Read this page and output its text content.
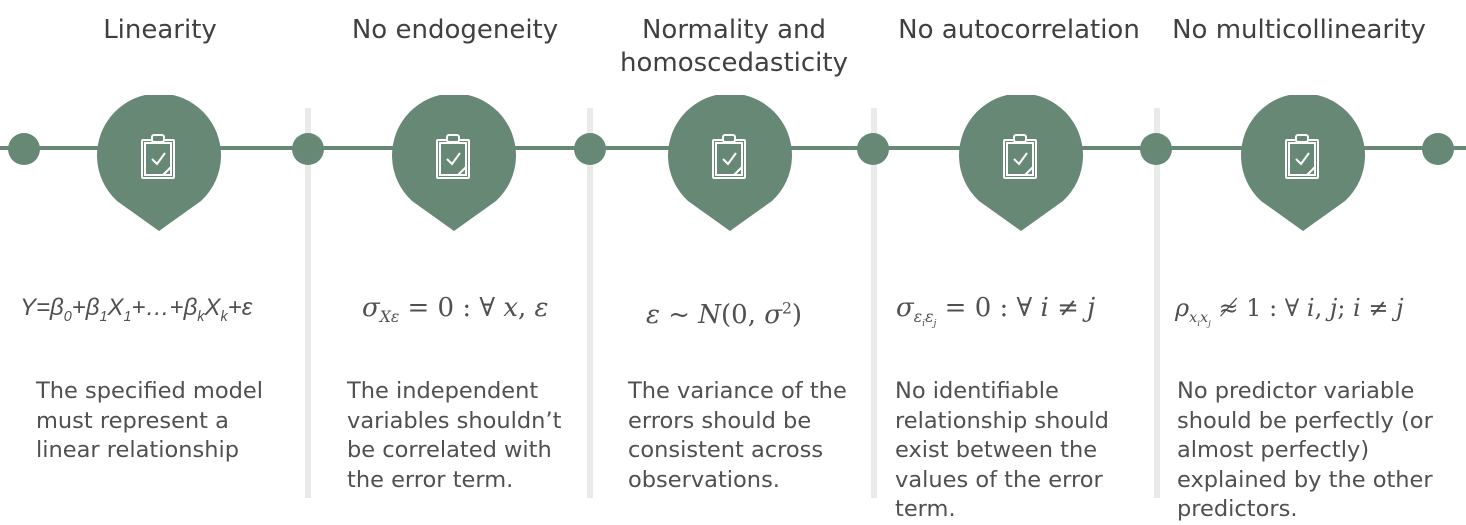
Linearity
$Y=\beta_0+\beta_1X_1+\dots+\beta_kX_k+\varepsilon$
The specified model must represent a linear relationship
No endogeneity
$\sigma_{X\varepsilon} = 0$ : ∀ x, ε
The independent variables shouldn’t be correlated with the error term.
Normality and homoscedasticity
ε ~ N(0, $\sigma^2$)
The variance of the errors should be consistent across observations.
No autocorrelation
$\sigma_{\varepsilon_i\varepsilon_j} = 0$ : ∀ i ≠ j
No identifiable relationship should exist between the values of the error term.
No multicollinearity
$\rho_{x_ix_j}$ ≉ 1 : ∀ i, j; i ≠ j
No predictor variable should be perfectly (or almost perfectly) explained by the other predictors.
